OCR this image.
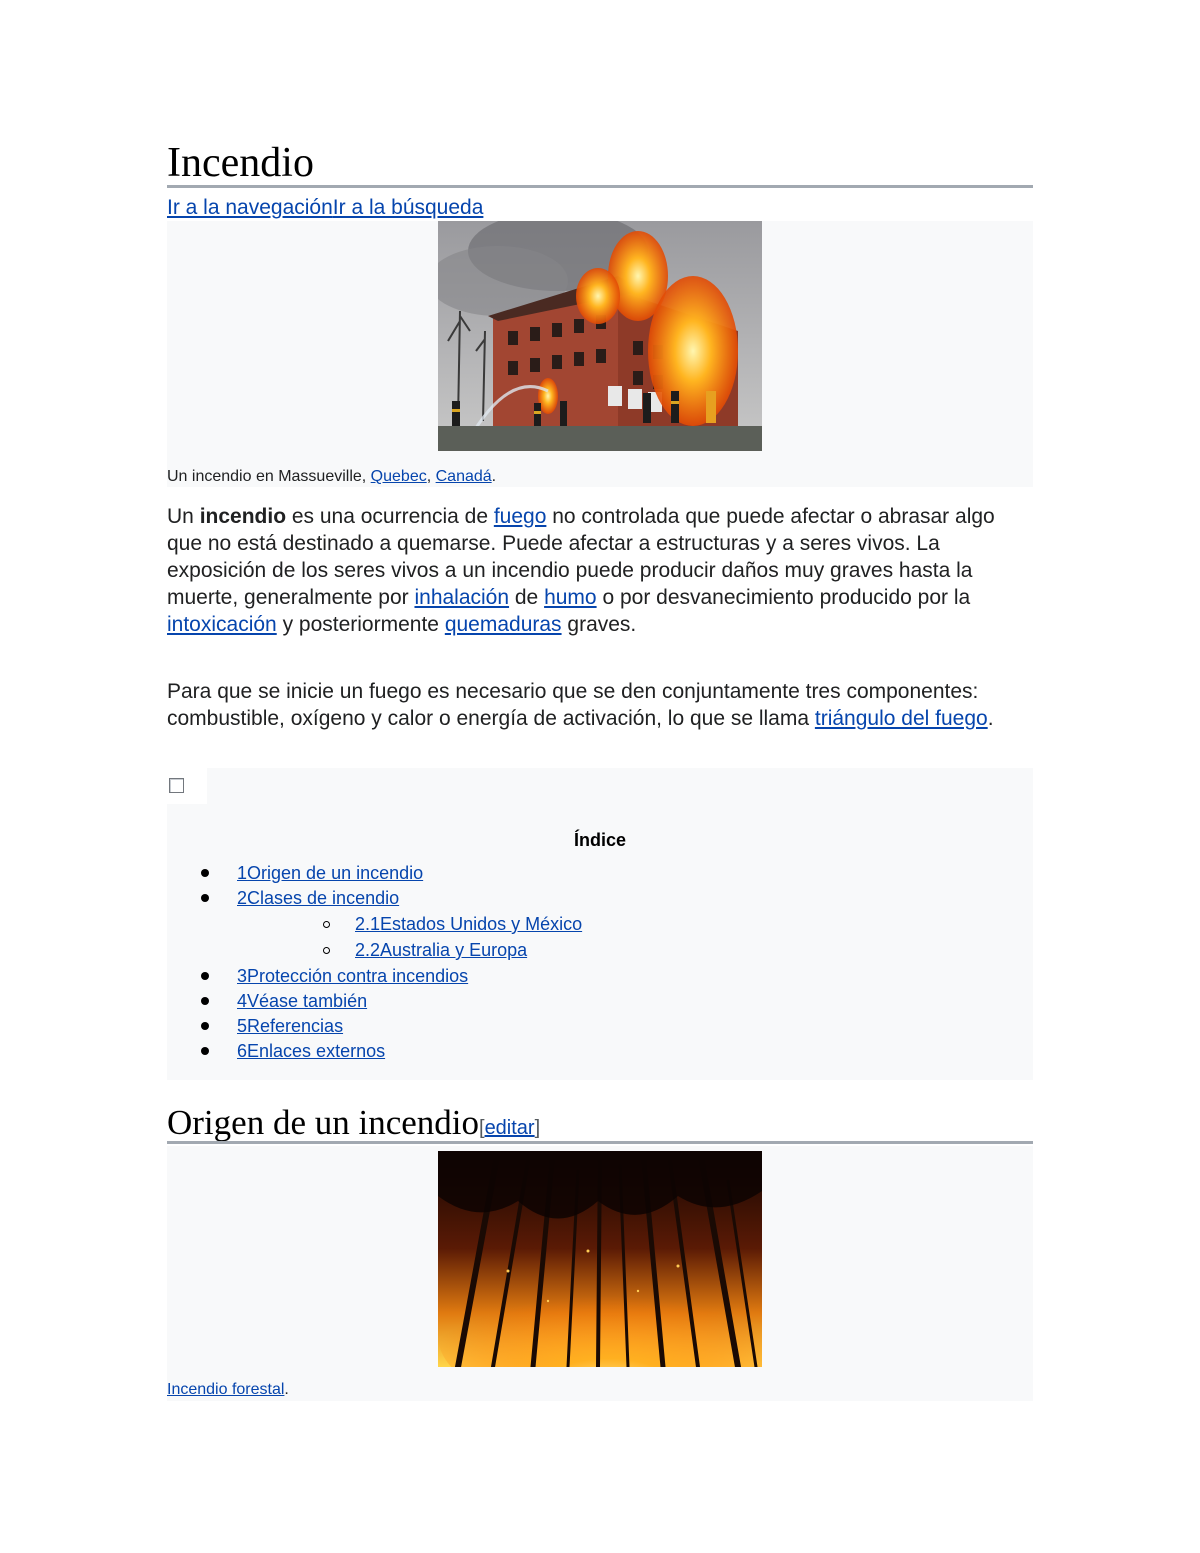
Incendio
Ir a la navegaciónIr a la búsqueda
Un incendio en Massueville, Quebec, Canadá.

Un incendio es una ocurrencia de fuego no controlada que puede afectar o abrasar algo que no está destinado a quemarse. Puede afectar a estructuras y a seres vivos. La exposición de los seres vivos a un incendio puede producir daños muy graves hasta la muerte, generalmente por inhalación de humo o por desvanecimiento producido por la intoxicación y posteriormente quemaduras graves.

Para que se inicie un fuego es necesario que se den conjuntamente tres componentes: combustible, oxígeno y calor o energía de activación, lo que se llama triángulo del fuego.

Índice
1Origen de un incendio
2Clases de incendio
2.1Estados Unidos y México
2.2Australia y Europa
3Protección contra incendios
4Véase también
5Referencias
6Enlaces externos
Origen de un incendio[editar]
Incendio forestal.
